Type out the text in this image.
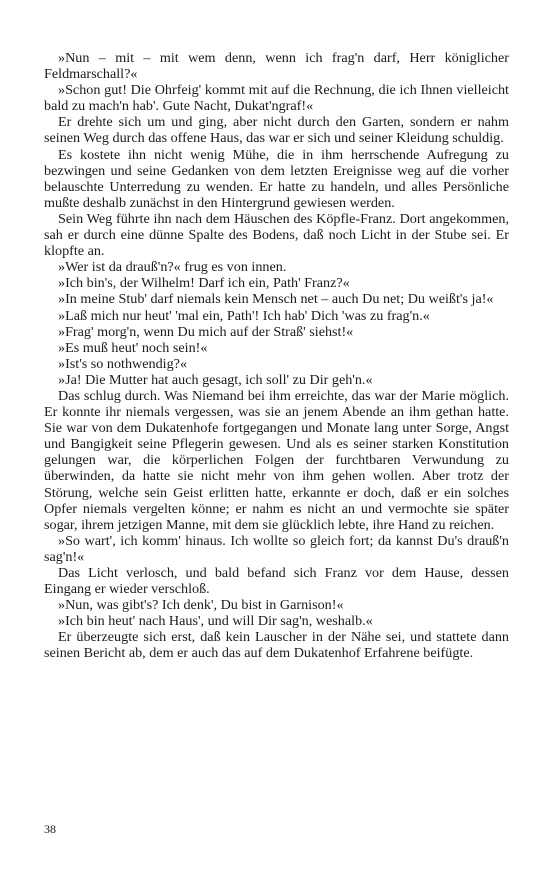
»Nun – mit – mit wem denn, wenn ich frag'n darf, Herr königlicher Feldmarschall?«

»Schon gut! Die Ohrfeig' kommt mit auf die Rechnung, die ich Ihnen vielleicht bald zu mach'n hab'. Gute Nacht, Dukat'ngraf!«

Er drehte sich um und ging, aber nicht durch den Garten, sondern er nahm seinen Weg durch das offene Haus, das war er sich und seiner Kleidung schuldig.

Es kostete ihn nicht wenig Mühe, die in ihm herrschende Aufregung zu bezwingen und seine Gedanken von dem letzten Ereignisse weg auf die vorher belauschte Unterredung zu wenden. Er hatte zu handeln, und alles Persönliche mußte deshalb zunächst in den Hintergrund gewiesen werden.

Sein Weg führte ihn nach dem Häuschen des Köpfle-Franz. Dort angekommen, sah er durch eine dünne Spalte des Bodens, daß noch Licht in der Stube sei. Er klopfte an.

»Wer ist da drauß'n?« frug es von innen.

»Ich bin's, der Wilhelm! Darf ich ein, Path' Franz?«

»In meine Stub' darf niemals kein Mensch net – auch Du net; Du weißt's ja!«

»Laß mich nur heut' 'mal ein, Path'! Ich hab' Dich 'was zu frag'n.«

»Frag' morg'n, wenn Du mich auf der Straß' siehst!«

»Es muß heut' noch sein!«

»Ist's so nothwendig?«

»Ja! Die Mutter hat auch gesagt, ich soll' zu Dir geh'n.«

Das schlug durch. Was Niemand bei ihm erreichte, das war der Marie möglich. Er konnte ihr niemals vergessen, was sie an jenem Abende an ihm gethan hatte. Sie war von dem Dukatenhofe fortgegangen und Monate lang unter Sorge, Angst und Bangigkeit seine Pflegerin gewesen. Und als es seiner starken Konstitution gelungen war, die körperlichen Folgen der furchtbaren Verwundung zu überwinden, da hatte sie nicht mehr von ihm gehen wollen. Aber trotz der Störung, welche sein Geist erlitten hatte, erkannte er doch, daß er ein solches Opfer niemals vergelten könne; er nahm es nicht an und vermochte sie später sogar, ihrem jetzigen Manne, mit dem sie glücklich lebte, ihre Hand zu reichen.

»So wart', ich komm' hinaus. Ich wollte so gleich fort; da kannst Du's drauß'n sag'n!«

Das Licht verlosch, und bald befand sich Franz vor dem Hause, dessen Eingang er wieder verschloß.

»Nun, was gibt's? Ich denk', Du bist in Garnison!«

»Ich bin heut' nach Haus', und will Dir sag'n, weshalb.«

Er überzeugte sich erst, daß kein Lauscher in der Nähe sei, und stattete dann seinen Bericht ab, dem er auch das auf dem Dukatenhof Erfahrene beifügte.

38
